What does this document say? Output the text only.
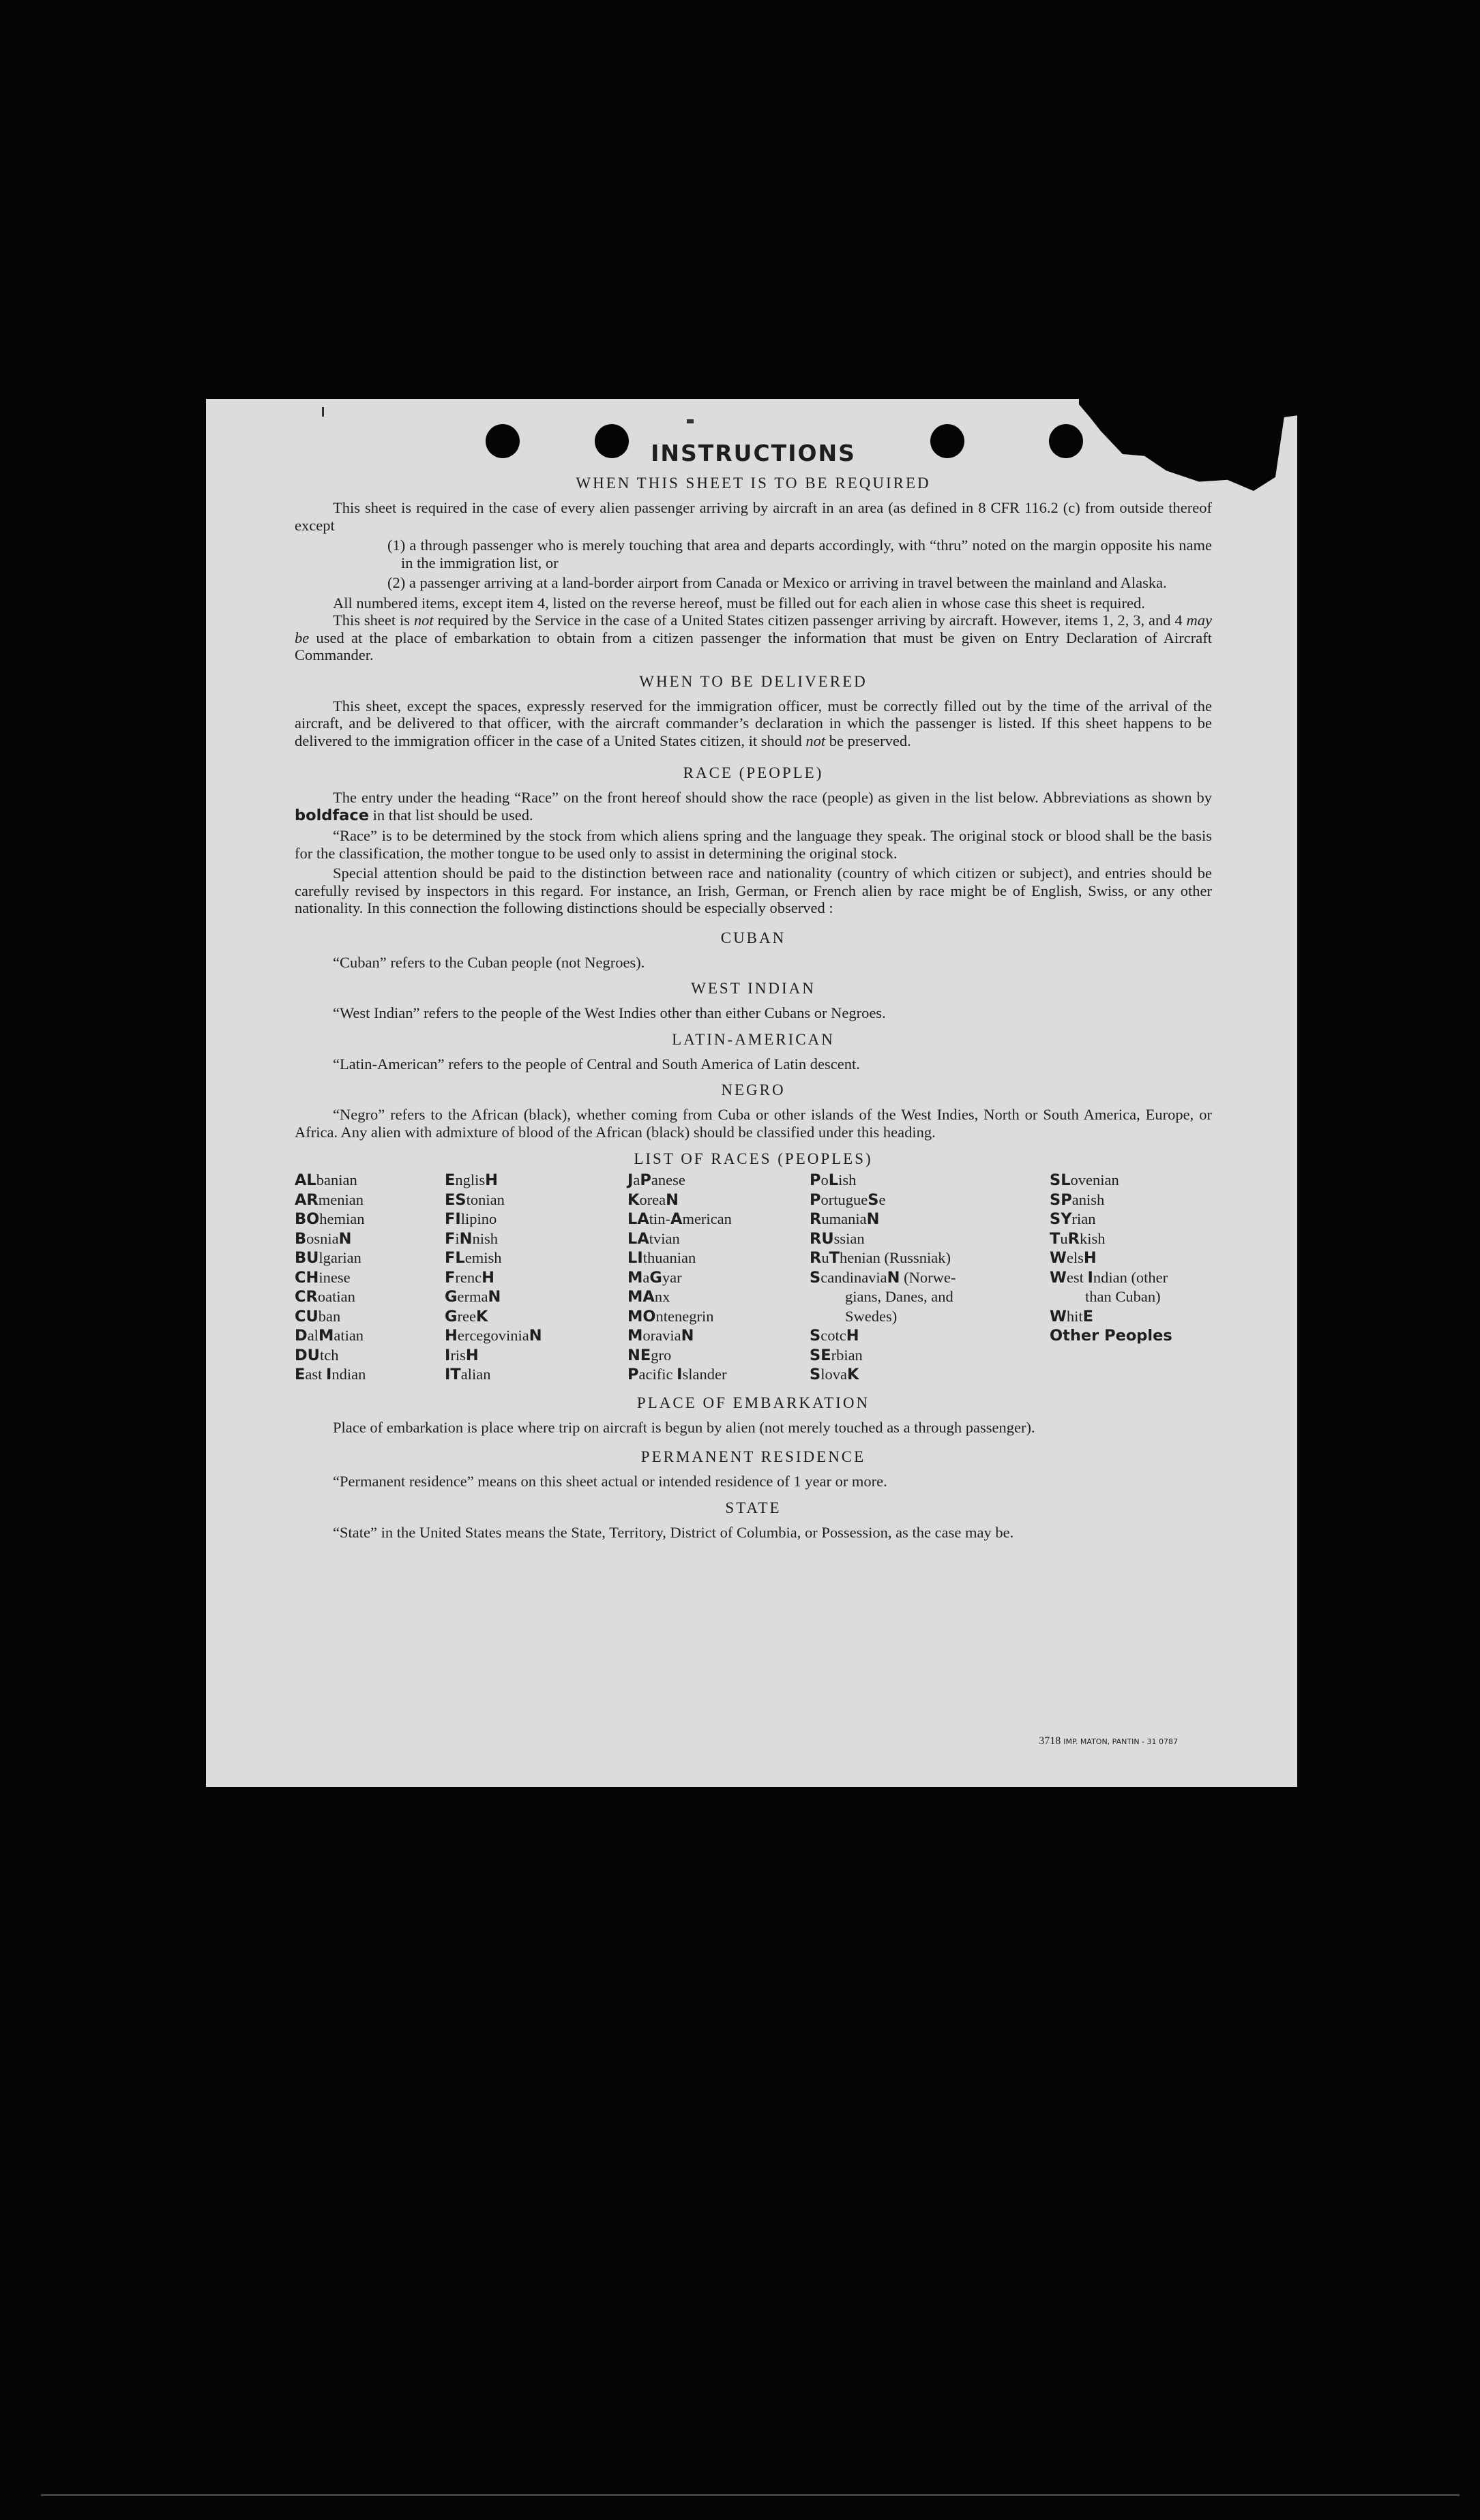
INSTRUCTIONS
WHEN THIS SHEET IS TO BE REQUIRED

This sheet is required in the case of every alien passenger arriving by aircraft in an area (as defined in 8 CFR 116.2 (c) from outside thereof except

(1) a through passenger who is merely touching that area and departs accordingly, with “thru” noted on the margin opposite his name in the immigration list, or

(2) a passenger arriving at a land-border airport from Canada or Mexico or arriving in travel between the mainland and Alaska.

All numbered items, except item 4, listed on the reverse hereof, must be filled out for each alien in whose case this sheet is required.

This sheet is not required by the Service in the case of a United States citizen passenger arriving by aircraft. However, items 1, 2, 3, and 4 may be used at the place of embarkation to obtain from a citizen passenger the information that must be given on Entry Declaration of Aircraft Commander.

WHEN TO BE DELIVERED

This sheet, except the spaces, expressly reserved for the immigration officer, must be correctly filled out by the time of the arrival of the aircraft, and be delivered to that officer, with the aircraft commander’s declaration in which the passenger is listed. If this sheet happens to be delivered to the immigration officer in the case of a United States citizen, it should not be preserved.

RACE (PEOPLE)

The entry under the heading “Race” on the front hereof should show the race (people) as given in the list below. Abbreviations as shown by boldface in that list should be used.

“Race” is to be determined by the stock from which aliens spring and the language they speak. The original stock or blood shall be the basis for the classification, the mother tongue to be used only to assist in determining the original stock.

Special attention should be paid to the distinction between race and nationality (country of which citizen or subject), and entries should be carefully revised by inspectors in this regard. For instance, an Irish, German, or French alien by race might be of English, Swiss, or any other nationality. In this connection the following distinctions should be especially observed :

CUBAN

“Cuban” refers to the Cuban people (not Negroes).

WEST INDIAN

“West Indian” refers to the people of the West Indies other than either Cubans or Negroes.

LATIN-AMERICAN

“Latin-American” refers to the people of Central and South America of Latin descent.

NEGRO

“Negro” refers to the African (black), whether coming from Cuba or other islands of the West Indies, North or South America, Europe, or Africa. Any alien with admixture of blood of the African (black) should be classified under this heading.

LIST OF RACES (PEOPLES)
ALbanian
ARmenian
BOhemian
BosniaN
BUlgarian
CHinese
CRoatian
CUban
DalMatian
DUtch
East Indian
EnglisH
EStonian
FIlipino
FiNnish
FLemish
FrencH
GermaN
GreeK
HercegoviniaN
IrisH
ITalian
JaPanese
KoreaN
LAtin-American
LAtvian
LIthuanian
MaGyar
MAnx
MOntenegrin
MoraviaN
NEgro
Pacific Islander
PoLish
PortugueSe
RumaniaN
RUssian
RuThenian (Russniak)
ScandinaviaN (Norwe-
gians, Danes, and
Swedes)
ScotcH
SErbian
SlovaK
SLovenian
SPanish
SYrian
TuRkish
WelsH
West Indian (other
than Cuban)
WhitE
Other Peoples
PLACE OF EMBARKATION

Place of embarkation is place where trip on aircraft is begun by alien (not merely touched as a through passenger).

PERMANENT RESIDENCE

“Permanent residence” means on this sheet actual or intended residence of 1 year or more.

STATE

“State” in the United States means the State, Territory, District of Columbia, or Possession, as the case may be.

3718 IMP. MATON, PANTIN - 31 0787
